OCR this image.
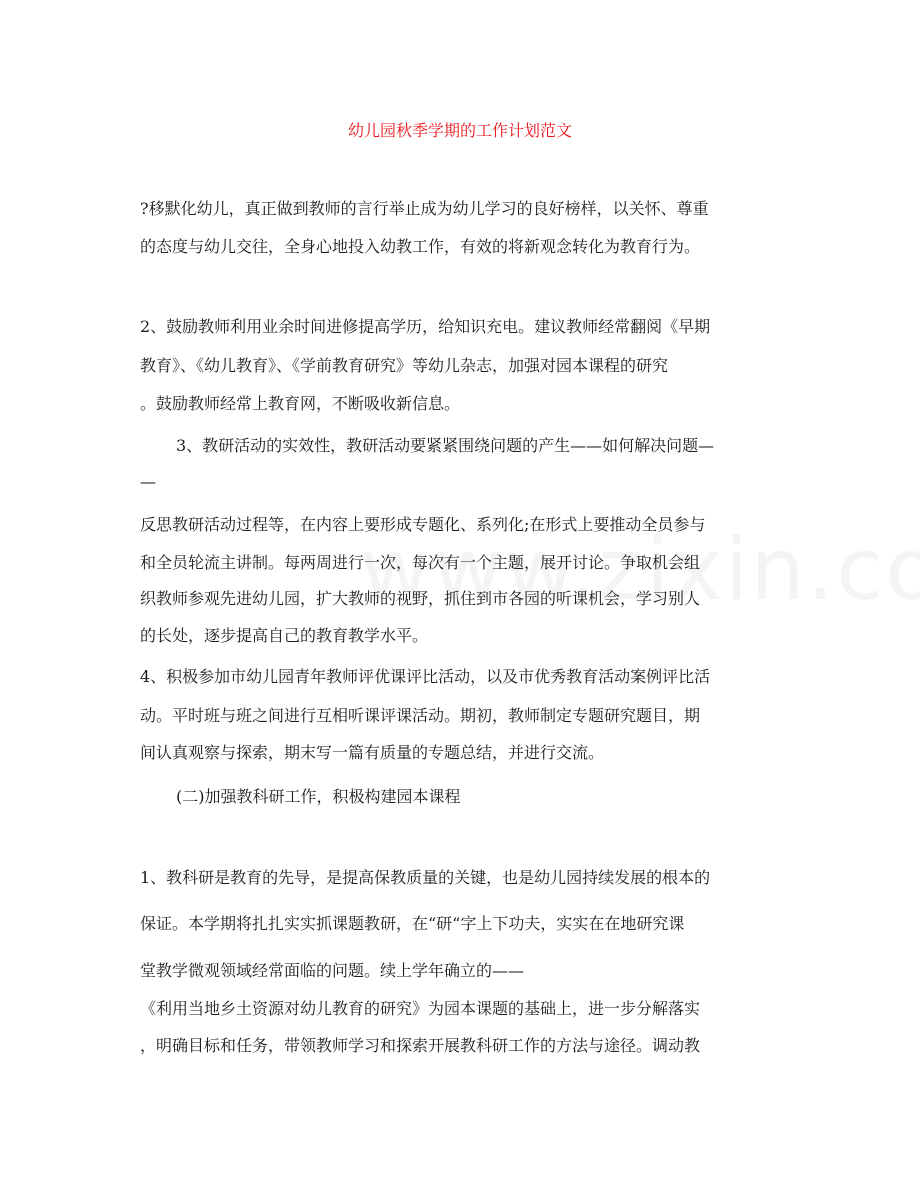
幼儿园秋季学期的工作计划范文
?移默化幼儿，真正做到教师的言行举止成为幼儿学习的良好榜样，以关怀、尊重
的态度与幼儿交往，全身心地投入幼教工作，有效的将新观念转化为教育行为。
2、鼓励教师利用业余时间进修提高学历，给知识充电。建议教师经常翻阅《早期
教育》、《幼儿教育》、《学前教育研究》等幼儿杂志，加强对园本课程的研究
。鼓励教师经常上教育网，不断吸收新信息。
3、教研活动的实效性，教研活动要紧紧围绕问题的产生——如何解决问题—
—
反思教研活动过程等，在内容上要形成专题化、系列化;在形式上要推动全员参与
和全员轮流主讲制。每两周进行一次，每次有一个主题，展开讨论。争取机会组
织教师参观先进幼儿园，扩大教师的视野，抓住到市各园的听课机会，学习别人
的长处，逐步提高自己的教育教学水平。
4、积极参加市幼儿园青年教师评优课评比活动，以及市优秀教育活动案例评比活
动。平时班与班之间进行互相听课评课活动。期初，教师制定专题研究题目，期
间认真观察与探索，期末写一篇有质量的专题总结，并进行交流。
(二)加强教科研工作，积极构建园本课程
1、教科研是教育的先导，是提高保教质量的关键，也是幼儿园持续发展的根本的
保证。本学期将扎扎实实抓课题教研，在“研“字上下功夫，实实在在地研究课
堂教学微观领域经常面临的问题。续上学年确立的——
《利用当地乡土资源对幼儿教育的研究》为园本课题的基础上，进一步分解落实
，明确目标和任务，带领教师学习和探索开展教科研工作的方法与途径。调动教
